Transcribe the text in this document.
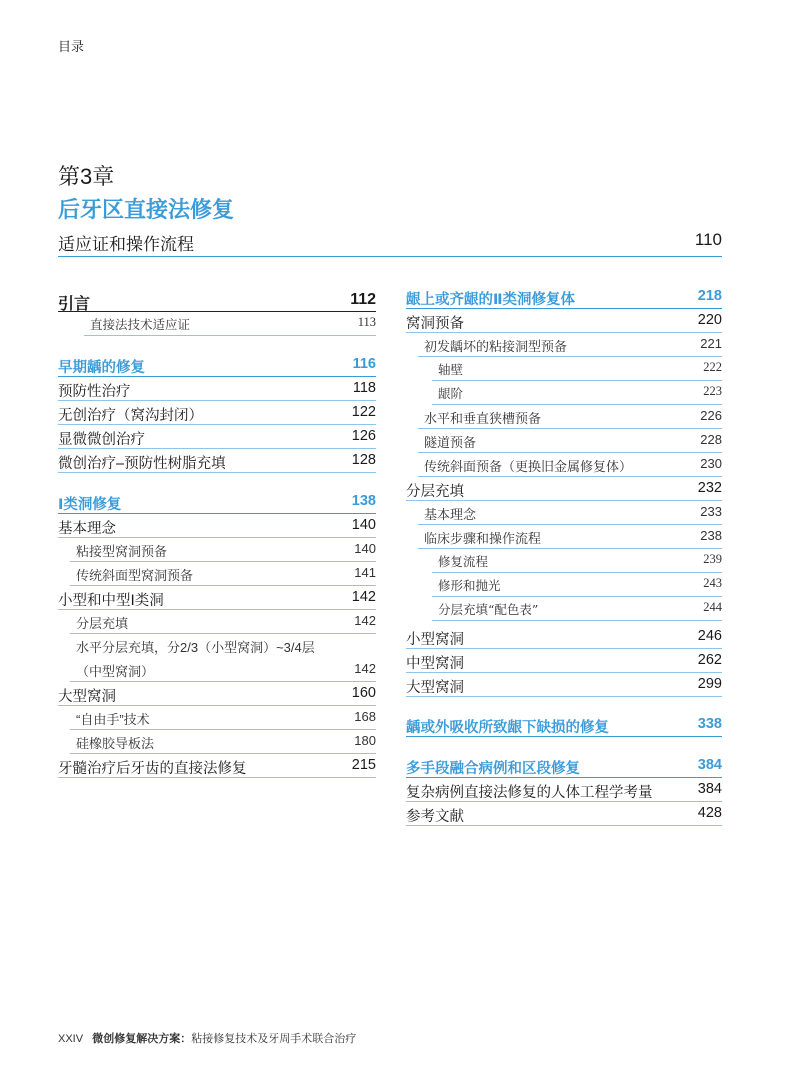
目录
第3章
后牙区直接法修复
适应证和操作流程	110
引言	112
直接法技术适应证	113
早期龋的修复	116
预防性治疗	118
无创治疗（窝沟封闭）	122
显微微创治疗	126
微创治疗–预防性树脂充填	128
Ⅰ类洞修复	138
基本理念	140
粘接型窝洞预备	140
传统斜面型窝洞预备	141
小型和中型Ⅰ类洞	142
分层充填	142
水平分层充填，分2/3（小型窝洞）~3/4层
（中型窝洞）	142
大型窝洞	160
“自由手”技术	168
硅橡胶导板法	180
牙髓治疗后牙齿的直接法修复	215
龈上或齐龈的Ⅱ类洞修复体	218
窝洞预备	220
初发龋坏的粘接洞型预备	221
轴壁	222
龈阶	223
水平和垂直狭槽预备	226
隧道预备	228
传统斜面预备（更换旧金属修复体）	230
分层充填	232
基本理念	233
临床步骤和操作流程	238
修复流程	239
修形和抛光	243
分层充填“配色表”	244
小型窝洞	246
中型窝洞	262
大型窝洞	299
龋或外吸收所致龈下缺损的修复	338
多手段融合病例和区段修复	384
复杂病例直接法修复的人体工程学考量	384
参考文献	428
XXIV 微创修复解决方案：粘接修复技术及牙周手术联合治疗
